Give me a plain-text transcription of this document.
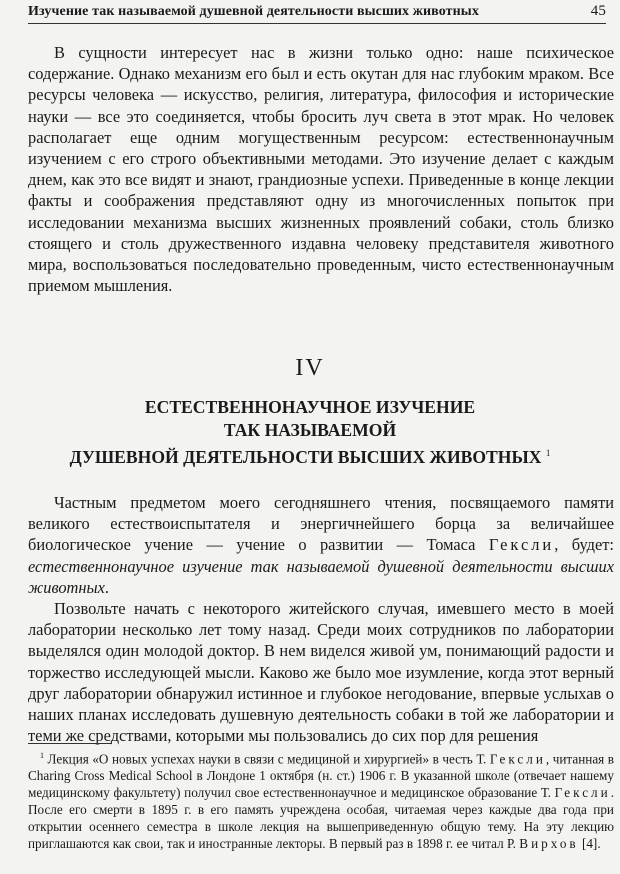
Изучение так называемой душевной деятельности высших животных	45

В сущности интересует нас в жизни только одно: наше психическое содержание. Однако механизм его был и есть окутан для нас глубоким мраком. Все ресурсы человека — искусство, религия, литература, философия и исторические науки — все это соединяется, чтобы бросить луч света в этот мрак. Но человек располагает еще одним могущественным ресурсом: естественнонаучным изучением с его строго объективными методами. Это изучение делает с каждым днем, как это все видят и знают, грандиозные успехи. Приведенные в конце лекции факты и соображения представляют одну из многочисленных попыток при исследовании механизма высших жизненных проявлений собаки, столь близко стоящего и столь дружественного издавна человеку представителя животного мира, воспользоваться последовательно проведенным, чисто естественнонаучным приемом мышления.

IV
ЕСТЕСТВЕННОНАУЧНОЕ ИЗУЧЕНИЕ
ТАК НАЗЫВАЕМОЙ
ДУШЕВНОЙ ДЕЯТЕЛЬНОСТИ ВЫСШИХ ЖИВОТНЫХ $^1$

Частным предметом моего сегодняшнего чтения, посвящаемого памяти великого естествоиспытателя и энергичнейшего борца за величайшее биологическое учение — учение о развитии — Томаса Гексли, будет: естественнонаучное изучение так называемой душевной деятельности высших животных.

Позвольте начать с некоторого житейского случая, имевшего место в моей лаборатории несколько лет тому назад. Среди моих сотрудников по лаборатории выделялся один молодой доктор. В нем виделся живой ум, понимающий радости и торжество исследующей мысли. Каково же было мое изумление, когда этот верный друг лаборатории обнаружил истинное и глубокое негодование, впервые услыхав о наших планах исследовать душевную деятельность собаки в той же лаборатории и теми же средствами, которыми мы пользовались до сих пор для решения

$^1$ Лекция «О новых успехах науки в связи с медициной и хирургией» в честь Т. Гексли, читанная в Charing Cross Medical School в Лондоне 1 октября (н. ст.) 1906 г. В указанной школе (отвечает нашему медицинскому факультету) получил свое естественнонаучное и медицинское образование Т. Гексли. После его смерти в 1895 г. в его память учреждена особая, читаемая через каждые два года при открытии осеннего семестра в школе лекция на вышеприведенную общую тему. На эту лекцию приглашаются как свои, так и иностранные лекторы. В первый раз в 1898 г. ее читал Р. Вирхов [4].
